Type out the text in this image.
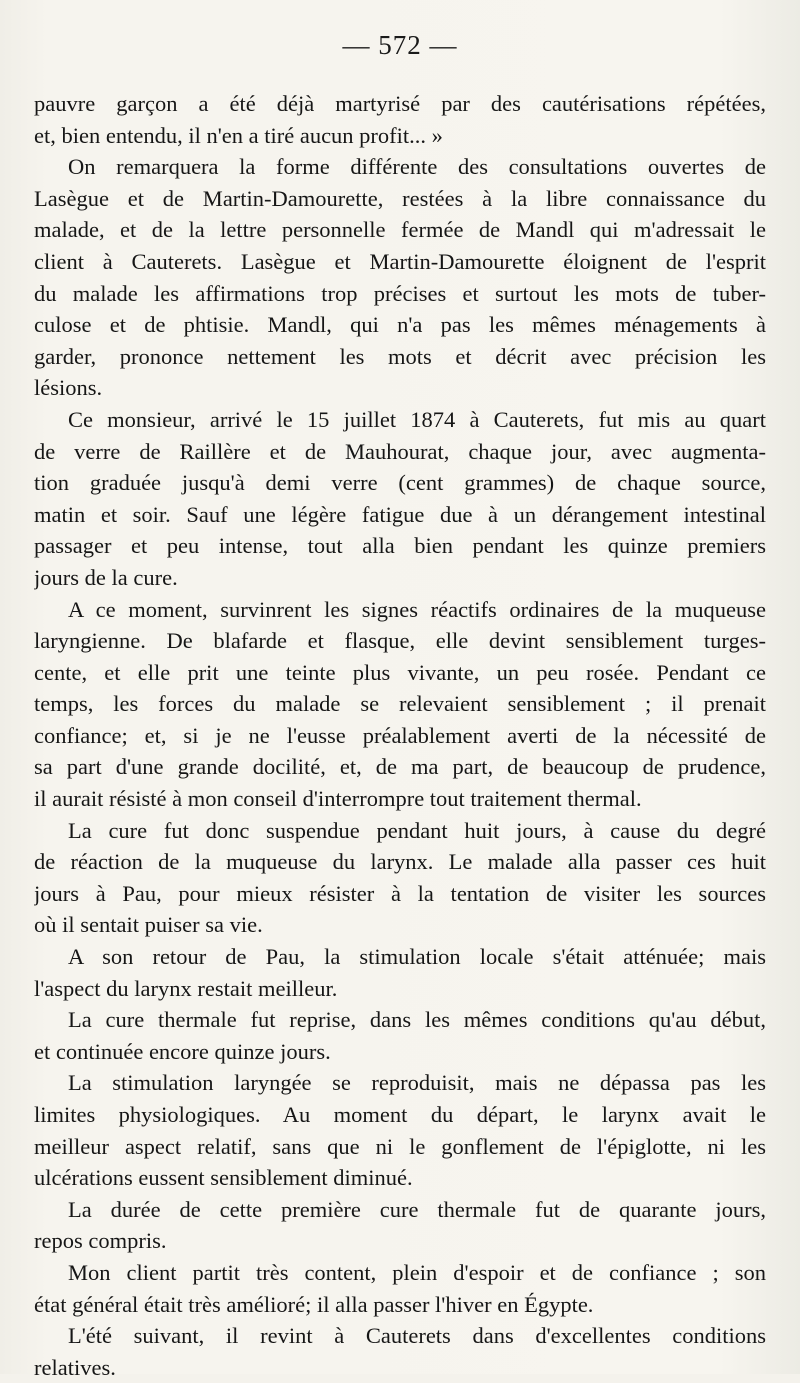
— 572 —
pauvre garçon a été déjà martyrisé par des cautérisations répétées,
et, bien entendu, il n'en a tiré aucun profit... »
On remarquera la forme différente des consultations ouvertes de
Lasègue et de Martin-Damourette, restées à la libre connaissance du
malade, et de la lettre personnelle fermée de Mandl qui m'adressait le
client à Cauterets. Lasègue et Martin-Damourette éloignent de l'esprit
du malade les affirmations trop précises et surtout les mots de tuber-
culose et de phtisie. Mandl, qui n'a pas les mêmes ménagements à
garder, prononce nettement les mots et décrit avec précision les
lésions.
Ce monsieur, arrivé le 15 juillet 1874 à Cauterets, fut mis au quart
de verre de Raillère et de Mauhourat, chaque jour, avec augmenta-
tion graduée jusqu'à demi verre (cent grammes) de chaque source,
matin et soir. Sauf une légère fatigue due à un dérangement intestinal
passager et peu intense, tout alla bien pendant les quinze premiers
jours de la cure.
A ce moment, survinrent les signes réactifs ordinaires de la muqueuse
laryngienne. De blafarde et flasque, elle devint sensiblement turges-
cente, et elle prit une teinte plus vivante, un peu rosée. Pendant ce
temps, les forces du malade se relevaient sensiblement ; il prenait
confiance; et, si je ne l'eusse préalablement averti de la nécessité de
sa part d'une grande docilité, et, de ma part, de beaucoup de prudence,
il aurait résisté à mon conseil d'interrompre tout traitement thermal.
La cure fut donc suspendue pendant huit jours, à cause du degré
de réaction de la muqueuse du larynx. Le malade alla passer ces huit
jours à Pau, pour mieux résister à la tentation de visiter les sources
où il sentait puiser sa vie.
A son retour de Pau, la stimulation locale s'était atténuée; mais
l'aspect du larynx restait meilleur.
La cure thermale fut reprise, dans les mêmes conditions qu'au début,
et continuée encore quinze jours.
La stimulation laryngée se reproduisit, mais ne dépassa pas les
limites physiologiques. Au moment du départ, le larynx avait le
meilleur aspect relatif, sans que ni le gonflement de l'épiglotte, ni les
ulcérations eussent sensiblement diminué.
La durée de cette première cure thermale fut de quarante jours,
repos compris.
Mon client partit très content, plein d'espoir et de confiance ; son
état général était très amélioré; il alla passer l'hiver en Égypte.
L'été suivant, il revint à Cauterets dans d'excellentes conditions
relatives.
